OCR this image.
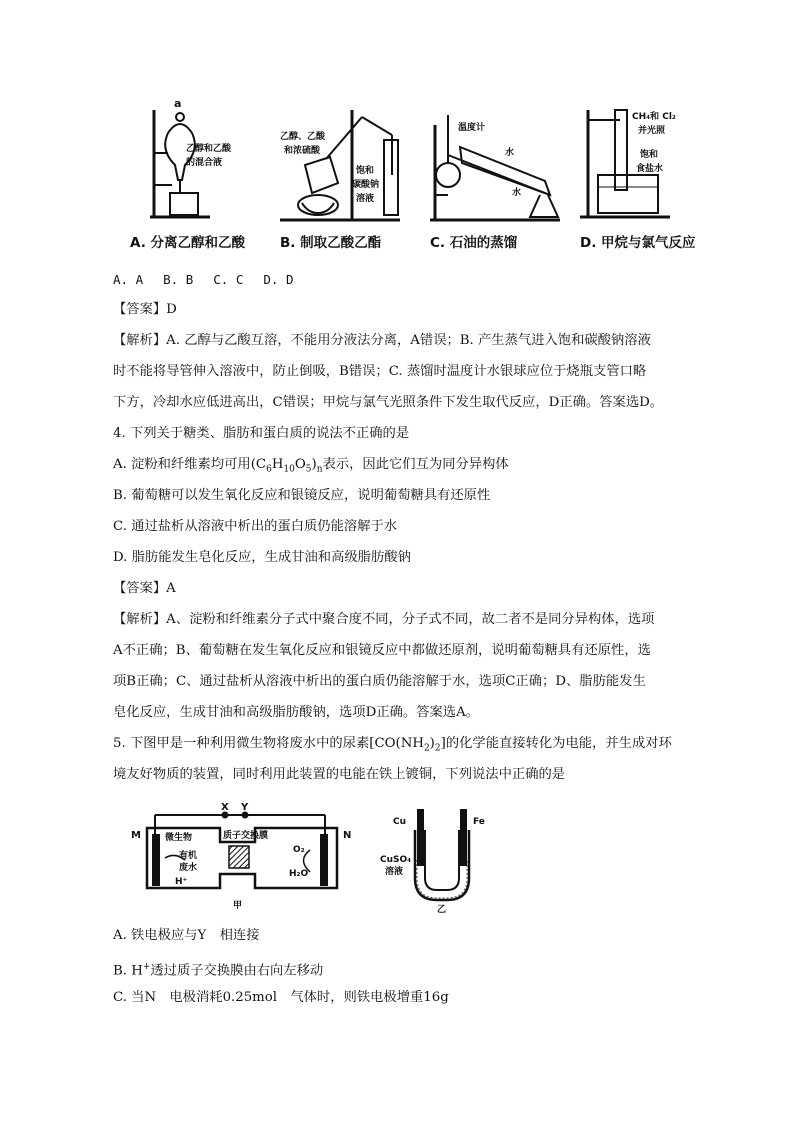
a
乙醇和乙酸
的混合液
乙醇、乙酸
和浓硫酸
饱和
碳酸钠
溶液
温度计
水
水
CH₄和 Cl₂
并光照
饱和
食盐水
A. 分离乙醇和乙酸	B. 制取乙酸乙酯	C. 石油的蒸馏	D. 甲烷与氯气反应
A. A　 B. B　 C. C　 D. D
【答案】D
【解析】A. 乙醇与乙酸互溶，不能用分液法分离，A错误；B. 产生蒸气进入饱和碳酸钠溶液
时不能将导管伸入溶液中，防止倒吸，B错误；C. 蒸馏时温度计水银球应位于烧瓶支管口略
下方，冷却水应低进高出，C错误；甲烷与氯气光照条件下发生取代反应，D正确。答案选D。
4. 下列关于糖类、脂肪和蛋白质的说法不正确的是
A. 淀粉和纤维素均可用$(C_6H_{10}O_5)_n$表示，因此它们互为同分异构体
B. 葡萄糖可以发生氧化反应和银镜反应，说明葡萄糖具有还原性
C. 通过盐析从溶液中析出的蛋白质仍能溶解于水
D. 脂肪能发生皂化反应，生成甘油和高级脂肪酸钠
【答案】A
【解析】A、淀粉和纤维素分子式中聚合度不同，分子式不同，故二者不是同分异构体，选项
A不正确；B、葡萄糖在发生氧化反应和银镜反应中都做还原剂，说明葡萄糖具有还原性，选
项B正确；C、通过盐析从溶液中析出的蛋白质仍能溶解于水，选项C正确；D、脂肪能发生
皂化反应，生成甘油和高级脂肪酸钠，选项D正确。答案选A。
5. 下图甲是一种利用微生物将废水中的尿素$[CO(NH_2)_2]$的化学能直接转化为电能，并生成对环
境友好物质的装置，同时利用此装置的电能在铁上镀铜，下列说法中正确的是
X Y
M	N
微生物
有机
废水
H⁺
质子交换膜
O₂
H₂O
甲
Cu	Fe
CuSO₄
溶液
乙
A. 铁电极应与Y　相连接
B. H+透过质子交换膜由右向左移动
C. 当N　电极消耗0.25mol　气体时，则铁电极增重16g
